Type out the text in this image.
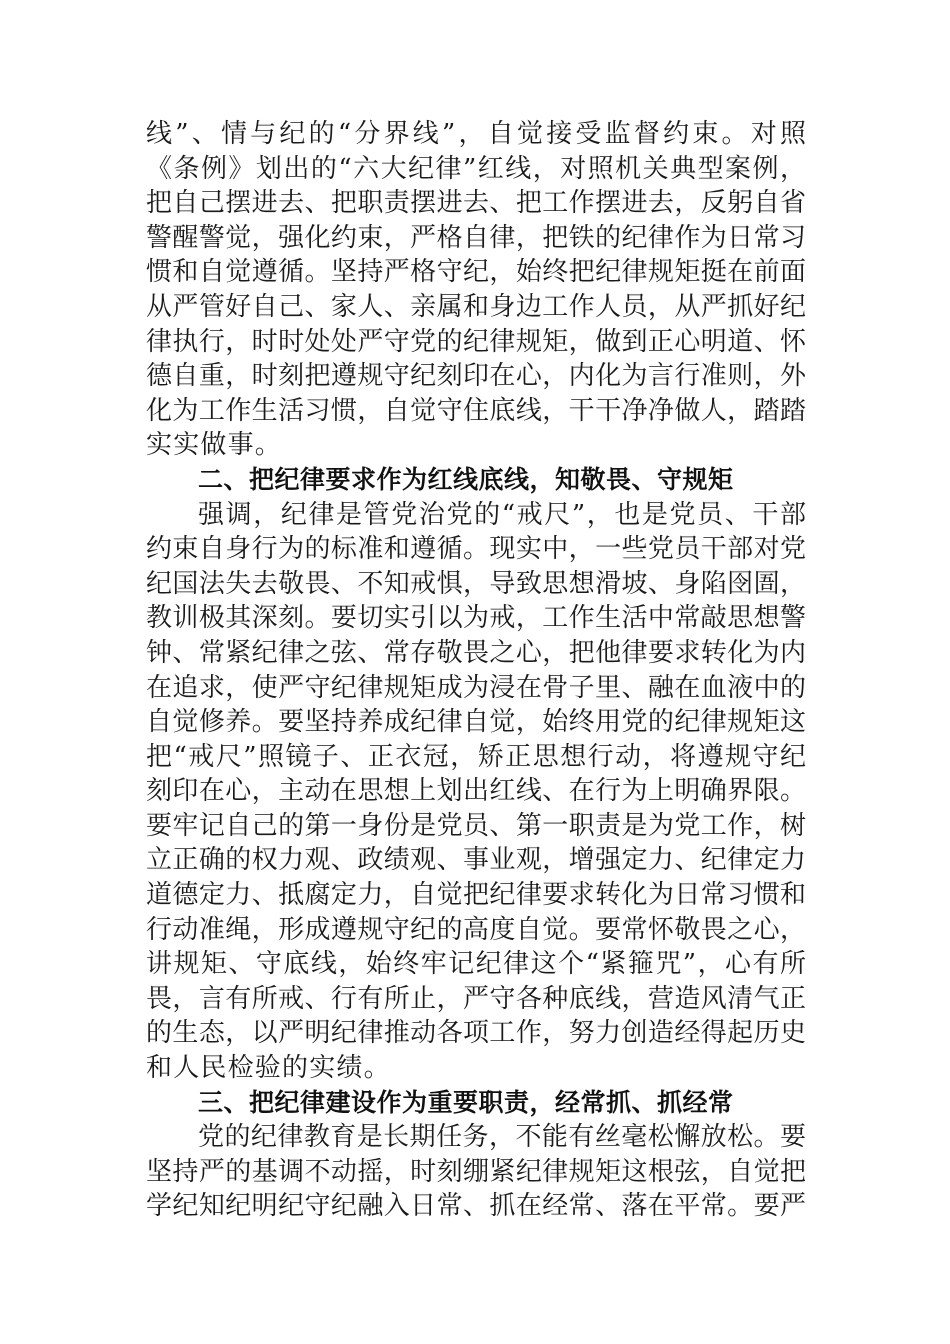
线”、情与纪的“分界线”，自觉接受监督约束。对照
《条例》划出的“六大纪律”红线，对照机关典型案例，
把自己摆进去、把职责摆进去、把工作摆进去，反躬自省
警醒警觉，强化约束，严格自律，把铁的纪律作为日常习
惯和自觉遵循。坚持严格守纪，始终把纪律规矩挺在前面
从严管好自己、家人、亲属和身边工作人员，从严抓好纪
律执行，时时处处严守党的纪律规矩，做到正心明道、怀
德自重，时刻把遵规守纪刻印在心，内化为言行准则，外
化为工作生活习惯，自觉守住底线，干干净净做人，踏踏
实实做事。
二、把纪律要求作为红线底线，知敬畏、守规矩
强调，纪律是管党治党的“戒尺”，也是党员、干部
约束自身行为的标准和遵循。现实中，一些党员干部对党
纪国法失去敬畏、不知戒惧，导致思想滑坡、身陷囹圄，
教训极其深刻。要切实引以为戒，工作生活中常敲思想警
钟、常紧纪律之弦、常存敬畏之心，把他律要求转化为内
在追求，使严守纪律规矩成为浸在骨子里、融在血液中的
自觉修养。要坚持养成纪律自觉，始终用党的纪律规矩这
把“戒尺”照镜子、正衣冠，矫正思想行动，将遵规守纪
刻印在心，主动在思想上划出红线、在行为上明确界限。
要牢记自己的第一身份是党员、第一职责是为党工作，树
立正确的权力观、政绩观、事业观，增强定力、纪律定力
道德定力、抵腐定力，自觉把纪律要求转化为日常习惯和
行动准绳，形成遵规守纪的高度自觉。要常怀敬畏之心，
讲规矩、守底线，始终牢记纪律这个“紧箍咒”，心有所
畏，言有所戒、行有所止，严守各种底线，营造风清气正
的生态，以严明纪律推动各项工作，努力创造经得起历史
和人民检验的实绩。
三、把纪律建设作为重要职责，经常抓、抓经常
党的纪律教育是长期任务，不能有丝毫松懈放松。要
坚持严的基调不动摇，时刻绷紧纪律规矩这根弦，自觉把
学纪知纪明纪守纪融入日常、抓在经常、落在平常。要严
